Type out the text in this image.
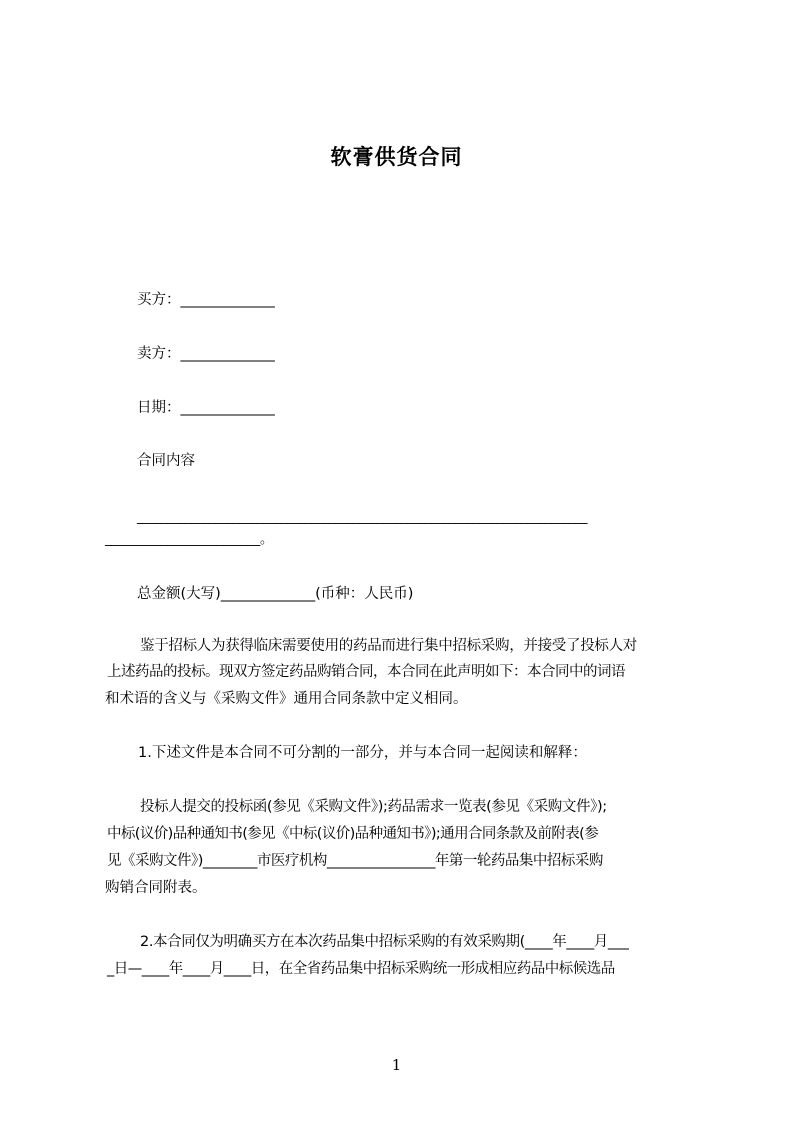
软膏供货合同
买方：_____________
卖方：_____________
日期：_____________
合同内容
___________________________________________________________________________
_________________________。
总金额(大写)_____________(币种：人民币)
鉴于招标人为获得临床需要使用的药品而进行集中招标采购，并接受了投标人对
上述药品的投标。现双方签定药品购销合同，本合同在此声明如下：本合同中的词语
和术语的含义与《采购文件》通用合同条款中定义相同。
1.下述文件是本合同不可分割的一部分，并与本合同一起阅读和解释：
投标人提交的投标函(参见《采购文件》);药品需求一览表(参见《采购文件》);
中标(议价)品种通知书(参见《中标(议价)品种通知书》);通用合同条款及前附表(参
见《采购文件》)________市医疗机构________________年第一轮药品集中招标采购
购销合同附表。
2.本合同仅为明确买方在本次药品集中招标采购的有效采购期(____年____月___
_日—____年____月____日，在全省药品集中招标采购统一形成相应药品中标候选品
1
